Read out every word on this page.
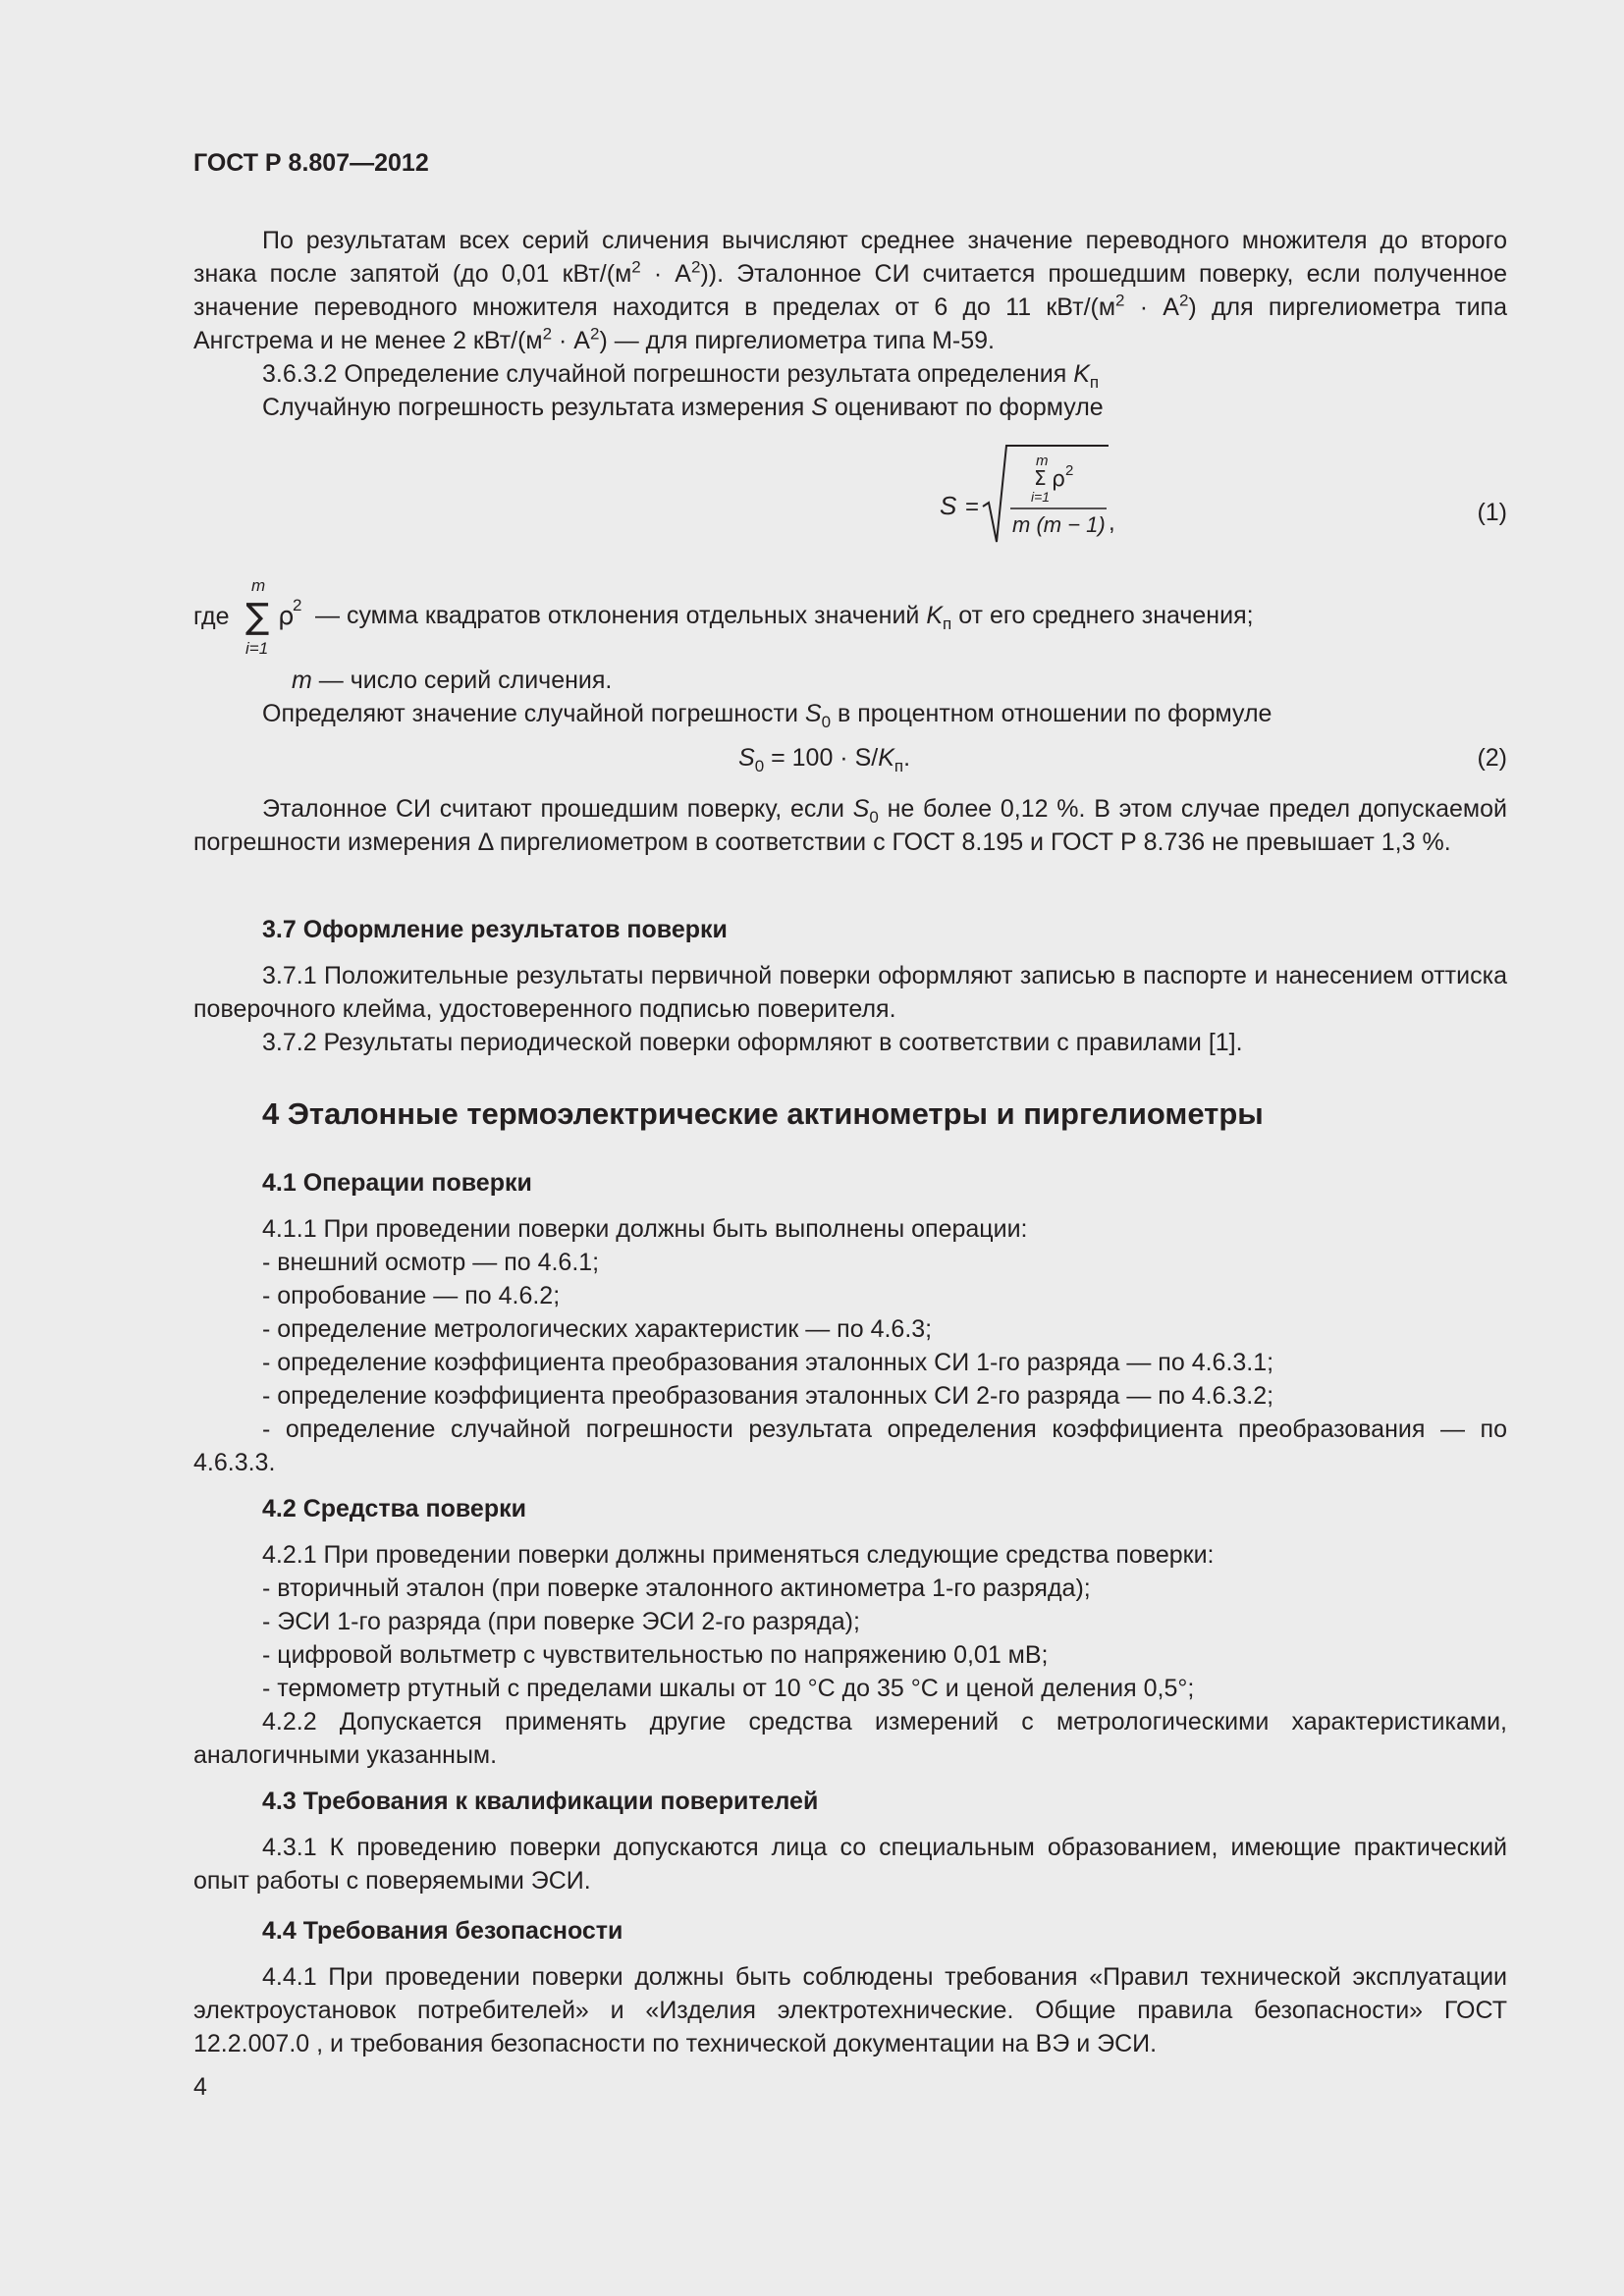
ГОСТ Р 8.807—2012

По результатам всех серий сличения вычисляют среднее значение переводного множителя до второго знака после запятой (до 0,01 кВт/$(м^2 \cdot А^2)$). Эталонное СИ считается прошедшим поверку, если полученное значение переводного множителя находится в пределах от 6 до 11 кВт/$(м^2 \cdot А^2)$ для пиргелиометра типа Ангстрема и не менее 2 кВт/$(м^2 \cdot А^2)$ — для пиргелиометра типа М-59.

3.6.3.2 Определение случайной погрешности результата определения $K_п$

Случайную погрешность результата измерения S оценивают по формуле

S =
m
Σ ρ 2
i=1
m (m − 1) ,	(1)
где
m
∑ ρ
2
i=1

— сумма квадратов отклонения отдельных значений $K_п$ от его среднего значения;

m — число серий сличения.

Определяют значение случайной погрешности $S_0$ в процентном отношении по формуле

$S_0 = 100 \cdot S/K_п$.	(2)

Эталонное СИ считают прошедшим поверку, если $S_0$ не более 0,12 %. В этом случае предел допускаемой погрешности измерения Δ пиргелиометром в соответствии с ГОСТ 8.195 и ГОСТ Р 8.736 не превышает 1,3 %.

3.7 Оформление результатов поверки

3.7.1 Положительные результаты первичной поверки оформляют записью в паспорте и нанесением оттиска поверочного клейма, удостоверенного подписью поверителя.

3.7.2 Результаты периодической поверки оформляют в соответствии с правилами [1].

4 Эталонные термоэлектрические актинометры и пиргелиометры

4.1 Операции поверки

4.1.1 При проведении поверки должны быть выполнены операции:

- внешний осмотр — по 4.6.1;

- опробование — по 4.6.2;

- определение метрологических характеристик — по 4.6.3;

- определение коэффициента преобразования эталонных СИ 1-го разряда — по 4.6.3.1;

- определение коэффициента преобразования эталонных СИ 2-го разряда — по 4.6.3.2;

- определение случайной погрешности результата определения коэффициента преобразования — по 4.6.3.3.

4.2 Средства поверки

4.2.1 При проведении поверки должны применяться следующие средства поверки:

- вторичный эталон (при поверке эталонного актинометра 1-го разряда);

- ЭСИ 1-го разряда (при поверке ЭСИ 2-го разряда);

- цифровой вольтметр с чувствительностью по напряжению 0,01 мВ;

- термометр ртутный с пределами шкалы от 10 °С до 35 °С и ценой деления 0,5°;

4.2.2 Допускается применять другие средства измерений с метрологическими характеристиками, аналогичными указанным.

4.3 Требования к квалификации поверителей

4.3.1 К проведению поверки допускаются лица со специальным образованием, имеющие практический опыт работы с поверяемыми ЭСИ.

4.4 Требования безопасности

4.4.1 При проведении поверки должны быть соблюдены требования «Правил технической эксплуатации электроустановок потребителей» и «Изделия электротехнические. Общие правила безопасности» ГОСТ 12.2.007.0 , и требования безопасности по технической документации на ВЭ и ЭСИ.

4
